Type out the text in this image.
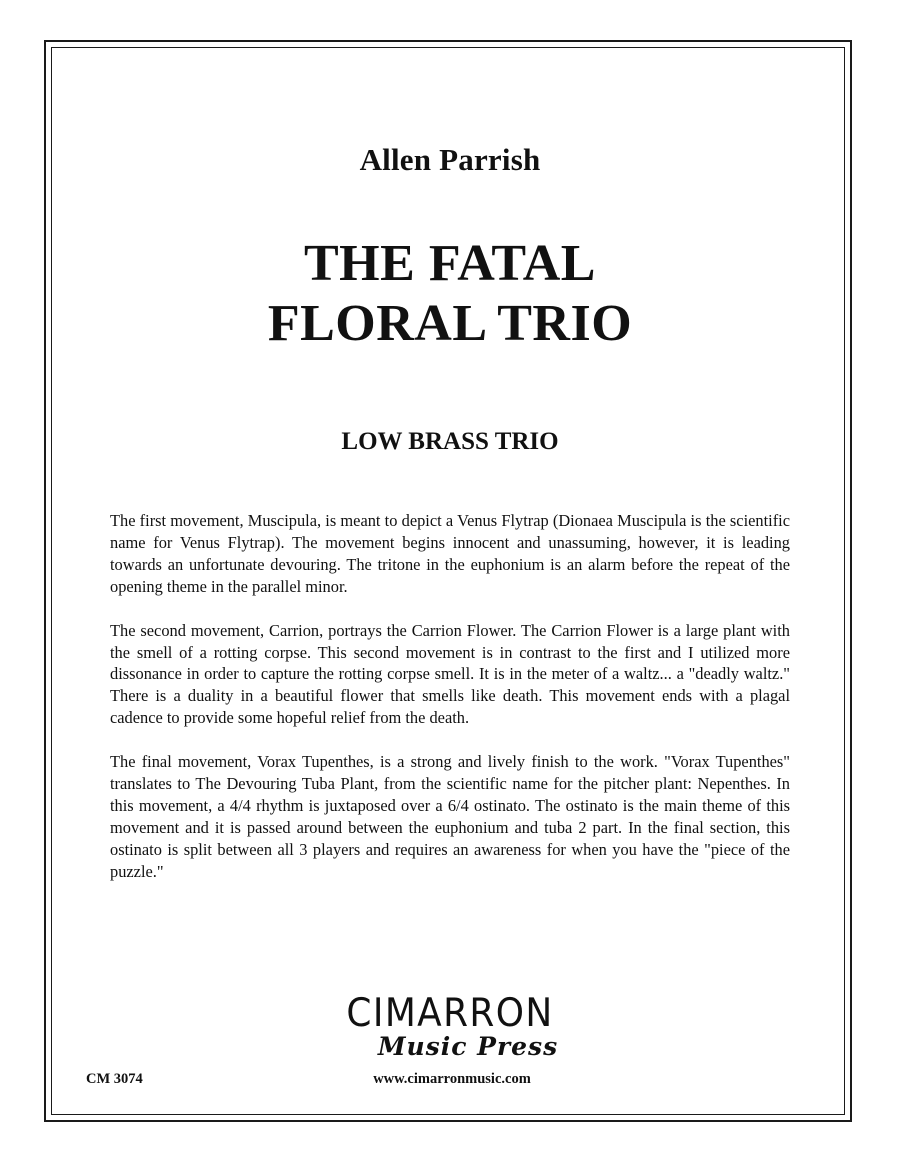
Allen Parrish
THE FATAL
FLORAL TRIO
LOW BRASS TRIO

The first movement, Muscipula, is meant to depict a Venus Flytrap (Dionaea Muscipula is the scientific name for Venus Flytrap). The movement begins innocent and unassuming, however, it is leading towards an unfortunate devouring. The tritone in the euphonium is an alarm before the repeat of the opening theme in the parallel minor.

The second movement, Carrion, portrays the Carrion Flower. The Carrion Flower is a large plant with the smell of a rotting corpse. This second movement is in contrast to the first and I utilized more dissonance in order to capture the rotting corpse smell. It is in the meter of a waltz... a "deadly waltz." There is a duality in a beautiful flower that smells like death. This movement ends with a plagal cadence to provide some hopeful relief from the death.

The final movement, Vorax Tupenthes, is a strong and lively finish to the work. "Vorax Tupenthes" translates to The Devouring Tuba Plant, from the scientific name for the pitcher plant: Nepenthes. In this movement, a 4/4 rhythm is juxtaposed over a 6/4 ostinato. The ostinato is the main theme of this movement and it is passed around between the euphonium and tuba 2 part. In the final section, this ostinato is split between all 3 players and requires an awareness for when you have the "piece of the puzzle."

CIMARRON
Music Press
CM 3074	www.cimarronmusic.com
